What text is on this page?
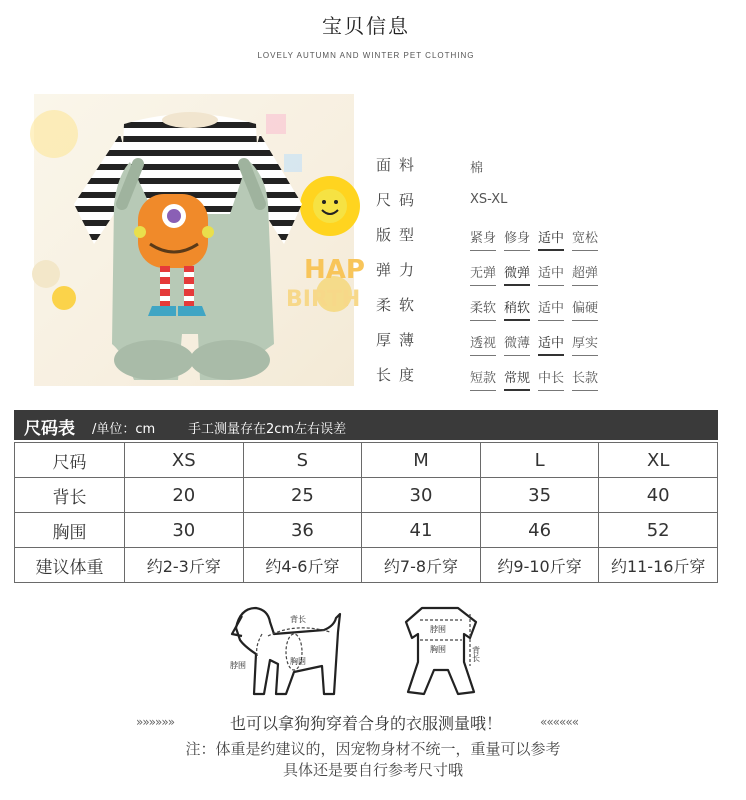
宝贝信息
LOVELY AUTUMN AND WINTER PET CLOTHING
HAP
BIRTH
面料	棉
尺码	XS-XL
版型	紧身 修身 适中 宽松
弹力	无弹 微弹 适中 超弹
柔软	柔软 稍软 适中 偏硬
厚薄	透视 微薄 适中 厚实
长度	短款 常规 中长 长款
尺码表 /单位：cm	手工测量存在2cm左右误差
尺码	XS	S	M	L	XL
背长	20	25	30	35	40
胸围	30	36	41	46	52
建议体重	约2-3斤穿	约4-6斤穿	约7-8斤穿	约9-10斤穿	约11-16斤穿
背长
脖围	胸围
脖围
胸围	背长
»»»»»»	也可以拿狗狗穿着合身的衣服测量哦！	««««««
注：体重是约建议的，因宠物身材不统一，重量可以参考
具体还是要自行参考尺寸哦
